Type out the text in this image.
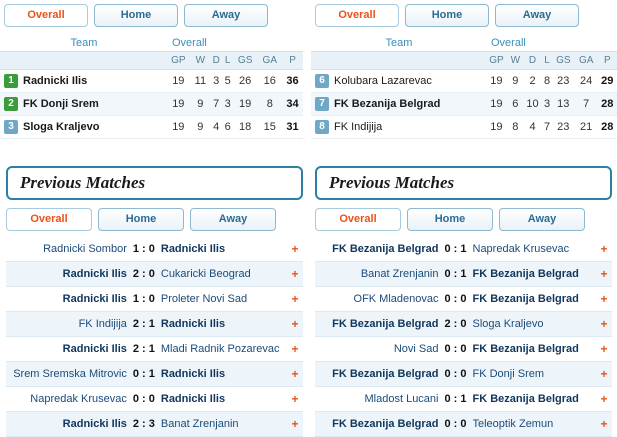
Overall	Home	Away
Team		Overall						
		GP	W	D	L	GS	GA	P
1 Radnicki Ilis		19	11	3	5	26	16	36
2 FK Donji Srem		19	9	7	3	19	8	34
3 Sloga Kraljevo		19	9	4	6	18	15	31
Overall	Home	Away
Team		Overall						
		GP	W	D	L	GS	GA	P
6 Kolubara Lazarevac		19	9	2	8	23	24	29
7 FK Bezanija Belgrad		19	6	10	3	13	7	28
8 FK Indijija		19	8	4	7	23	21	28
Previous Matches
Overall	Home	Away
Radnicki Sombor	1 : 0	Radnicki Ilis	+
Radnicki Ilis	2 : 0	Cukaricki Beograd	+
Radnicki Ilis	1 : 0	Proleter Novi Sad	+
FK Indijija	2 : 1	Radnicki Ilis	+
Radnicki Ilis	2 : 1	Mladi Radnik Pozarevac	+
Srem Sremska Mitrovic	0 : 1	Radnicki Ilis	+
Napredak Krusevac	0 : 0	Radnicki Ilis	+
Radnicki Ilis	2 : 3	Banat Zrenjanin	+
Previous Matches
Overall	Home	Away
FK Bezanija Belgrad	0 : 1	Napredak Krusevac	+
Banat Zrenjanin	0 : 1	FK Bezanija Belgrad	+
OFK Mladenovac	0 : 0	FK Bezanija Belgrad	+
FK Bezanija Belgrad	2 : 0	Sloga Kraljevo	+
Novi Sad	0 : 0	FK Bezanija Belgrad	+
FK Bezanija Belgrad	0 : 0	FK Donji Srem	+
Mladost Lucani	0 : 1	FK Bezanija Belgrad	+
FK Bezanija Belgrad	0 : 0	Teleoptik Zemun	+
